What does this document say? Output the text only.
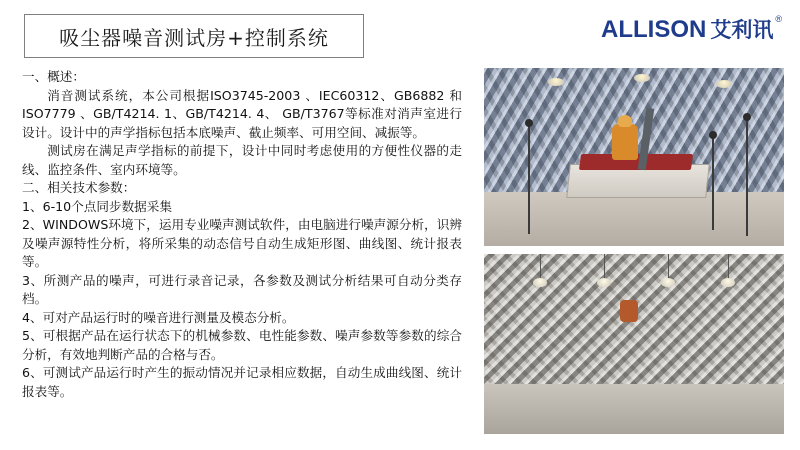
吸尘器噪音测试房+控制系统	ALLISON 艾利讯 ®

一、概述：

消音测试系统，本公司根据ISO3745-2003 、IEC60312、GB6882 和ISO7779 、GB/T4214. 1、GB/T4214. 4、 GB/T3767等标准对消声室进行设计。设计中的声学指标包括本底噪声、截止频率、可用空间、减振等。

测试房在满足声学指标的前提下，设计中同时考虑使用的方便性仪器的走线、监控条件、室内环境等。

二、相关技术参数：

1、6-10个点同步数据采集

2、WINDOWS环境下，运用专业噪声测试软件，由电脑进行噪声源分析，识辨及噪声源特性分析，将所采集的动态信号自动生成矩形图、曲线图、统计报表等。

3、所测产品的噪声，可进行录音记录，各参数及测试分析结果可自动分类存档。

4、可对产品运行时的噪音进行测量及模态分析。

5、可根据产品在运行状态下的机械参数、电性能参数、噪声参数等参数的综合分析，有效地判断产品的合格与否。

6、可测试产品运行时产生的振动情况并记录相应数据，自动生成曲线图、统计报表等。
